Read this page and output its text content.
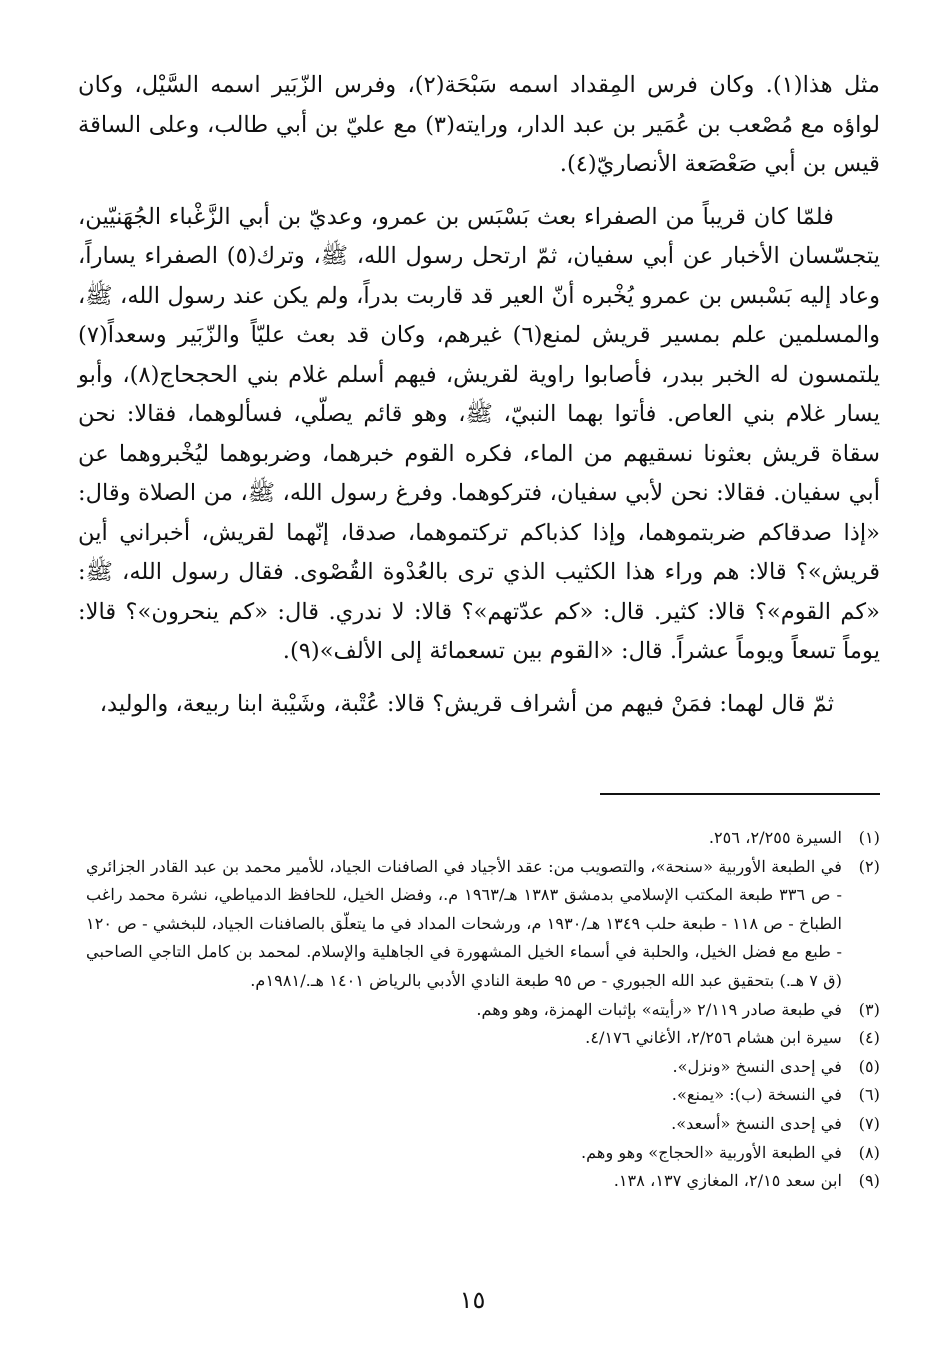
مثل هذا(١). وكان فرس المِقداد اسمه سَبْحَة(٢)، وفرس الزّبَير اسمه السَّيْل، وكان لواؤه مع مُصْعب بن عُمَير بن عبد الدار، ورايته(٣) مع عليّ بن أبي طالب، وعلى الساقة قيس بن أبي صَعْصَعة الأنصاريّ(٤).

فلمّا كان قريباً من الصفراء بعث بَسْبَس بن عمرو، وعديّ بن أبي الزَّغْباء الجُهَنيّين، يتجسّسان الأخبار عن أبي سفيان، ثمّ ارتحل رسول الله، ﷺ، وترك(٥) الصفراء يساراً، وعاد إليه بَسْبس بن عمرو يُخْبره أنّ العير قد قاربت بدراً، ولم يكن عند رسول الله، ﷺ، والمسلمين علم بمسير قريش لمنع(٦) غيرهم، وكان قد بعث عليّاً والزّبَير وسعداً(٧) يلتمسون له الخبر ببدر، فأصابوا راوية لقريش، فيهم أسلم غلام بني الحجحاج(٨)، وأبو يسار غلام بني العاص. فأتوا بهما النبيّ، ﷺ، وهو قائم يصلّي، فسألوهما، فقالا: نحن سقاة قريش بعثونا نسقيهم من الماء، فكره القوم خبرهما، وضربوهما ليُخْبروهما عن أبي سفيان. فقالا: نحن لأبي سفيان، فتركوهما. وفرغ رسول الله، ﷺ، من الصلاة وقال: «إذا صدقاكم ضربتموهما، وإذا كذباكم تركتموهما، صدقا، إنّهما لقريش، أخبراني أين قريش»؟ قالا: هم وراء هذا الكثيب الذي ترى بالعُدْوة القُصْوى. فقال رسول الله، ﷺ: «كم القوم»؟ قالا: كثير. قال: «كم عدّتهم»؟ قالا: لا ندري. قال: «كم ينحرون»؟ قالا: يوماً تسعاً ويوماً عشراً. قال: «القوم بين تسعمائة إلى الألف»(٩).

ثمّ قال لهما: فمَنْ فيهم من أشراف قريش؟ قالا: عُتْبة، وشَيْبة ابنا ربيعة، والوليد،

(١)
السيرة ٢/٢٥٥، ٢٥٦.
(٢)
في الطبعة الأوربية «سنحة»، والتصويب من: عقد الأجياد في الصافنات الجياد، للأمير محمد بن عبد القادر الجزائري - ص ٣٣٦ طبعة المكتب الإسلامي بدمشق ١٣٨٣ هـ/١٩٦٣ م.، وفضل الخيل، للحافظ الدمياطي، نشرة محمد راغب الطباخ - ص ١١٨ - طبعة حلب ١٣٤٩ هـ/١٩٣٠ م، ورشحات المداد في ما يتعلّق بالصافنات الجياد، للبخشي - ص ١٢٠ - طبع مع فضل الخيل، والحلبة في أسماء الخيل المشهورة في الجاهلية والإسلام. لمحمد بن كامل التاجي الصاحبي (ق ٧ هـ.) بتحقيق عبد الله الجبوري - ص ٩٥ طبعة النادي الأدبي بالرياض ١٤٠١ هـ./١٩٨١م.
(٣)
في طبعة صادر ٢/١١٩ «رأيته» بإثبات الهمزة، وهو وهم.
(٤)
سيرة ابن هشام ٢/٢٥٦، الأغاني ٤/١٧٦.
(٥)
في إحدى النسخ «ونزل».
(٦)
في النسخة (ب): «يمنع».
(٧)
في إحدى النسخ «أسعد».
(٨)
في الطبعة الأوربية «الحجاج» وهو وهم.
(٩)
ابن سعد ٢/١٥، المغازي ١٣٧، ١٣٨.
١٥
